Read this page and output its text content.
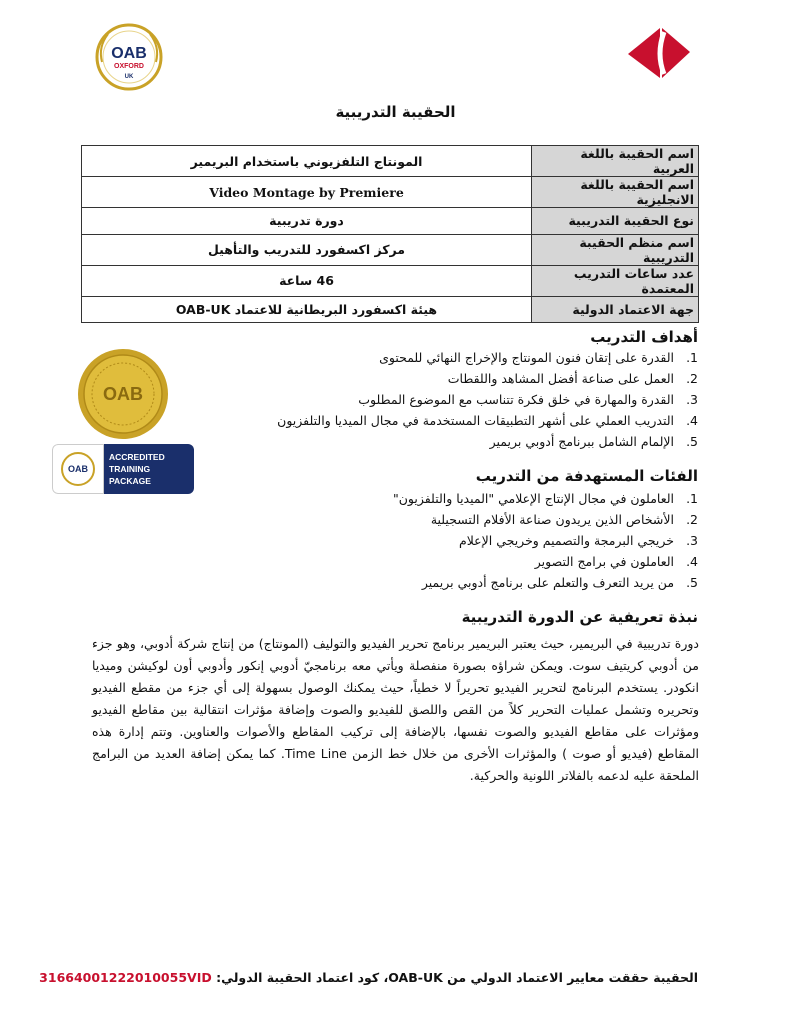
OAB
OXFORD
UK
الحقيبة التدريبية
اسم الحقيبة باللغة العربية	المونتاج التلفزيوني باستخدام البريمير
اسم الحقيبة باللغة الانجليزية	Video Montage by Premiere
نوع الحقيبة التدريبية	دورة تدريبية
اسم منظم الحقيبة التدريبية	مركز اكسفورد للتدريب والتأهيل
عدد ساعات التدريب المعتمدة	46 ساعة
جهة الاعتماد الدولية	هيئة اكسفورد البريطانية للاعتماد OAB-UK
أهداف التدريب
1. القدرة على إتقان فنون المونتاج والإخراج النهائي للمحتوى
2. العمل على صناعة أفضل المشاهد واللقطات
3. القدرة والمهارة في خلق فكرة تتناسب مع الموضوع المطلوب
4. التدريب العملي على أشهر التطبيقات المستخدمة في مجال الميديا والتلفزيون
5. الإلمام الشامل ببرنامج أدوبي بريمير
OAB
OAB
ACCREDITED
TRAINING PACKAGE	الفئات المستهدفة من التدريب
1. العاملون في مجال الإنتاج الإعلامي "الميديا والتلفزيون"
2. الأشخاص الذين يريدون صناعة الأفلام التسجيلية
3. خريجي البرمجة والتصميم وخريجي الإعلام
4. العاملون في برامج التصوير
5. من يريد التعرف والتعلم على برنامج أدوبي بريمير
نبذة تعريفية عن الدورة التدريبية

دورة تدريبية في البريمير، حيث يعتبر البريمير برنامج تحرير الفيديو والتوليف (المونتاج) من إنتاج شركة أدوبي، وهو جزء من أدوبي كريتيف سوت. ويمكن شراؤه بصورة منفصلة ويأتي معه برنامجيّ أدوبي إنكور وأدوبي أون لوكيشن وميديا انكودر. يستخدم البرنامج لتحرير الفيديو تحريراً لا خطياً، حيث يمكنك الوصول بسهولة إلى أي جزء من مقطع الفيديو وتحريره وتشمل عمليات التحرير كلاً من القص واللصق للفيديو والصوت وإضافة مؤثرات انتقالية بين مقاطع الفيديو ومؤثرات على مقاطع الفيديو والصوت نفسها، بالإضافة إلى تركيب المقاطع والأصوات والعناوين. وتتم إدارة هذه المقاطع (فيديو أو صوت ) والمؤثرات الأخرى من خلال خط الزمن Time Line. كما يمكن إضافة العديد من البرامج الملحقة عليه لدعمه بالفلاتر اللونية والحركية.

الحقيبة حققت معايير الاعتماد الدولي من OAB-UK، كود اعتماد الحقيبة الدولي: 31664001222010055VID
